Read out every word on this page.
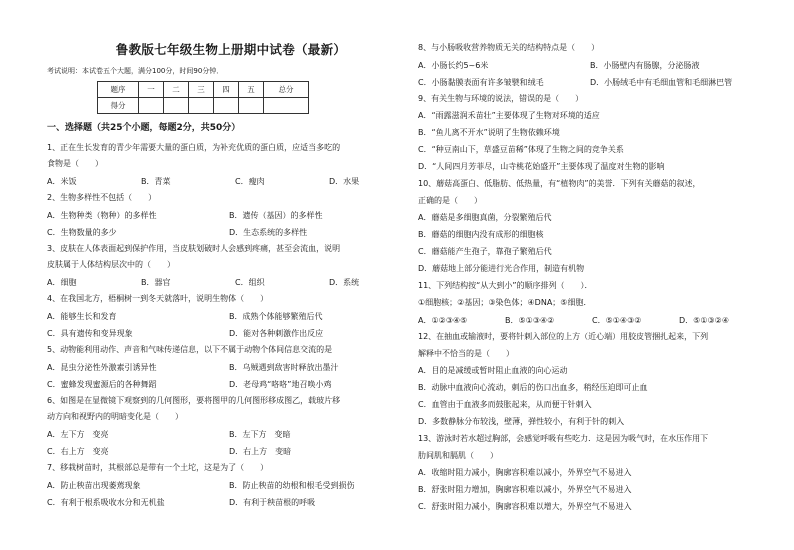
鲁教版七年级生物上册期中试卷（最新）
考试说明：本试卷五个大题，满分100分，时间90分钟．
题序	一	二	三	四	五	总分
得分						
一、选择题（共25个小题，每题2分，共50分）
1、正在生长发育的青少年需要大量的蛋白质，为补充优质的蛋白质，应适当多吃的
食物是（　　）
A．米饭	B．青菜	C．瘦肉	D．水果
2、生物多样性不包括（　　）
A．生物种类（物种）的多样性	B．遗传（基因）的多样性
C．生物数量的多少	D．生态系统的多样性
3、皮肤在人体表面起到保护作用，当皮肤划破时人会感到疼痛，甚至会流血，说明
皮肤属于人体结构层次中的（　　）
A．细胞	B．器官	C．组织	D．系统
4、在我国北方，梧桐树一到冬天就落叶，说明生物体（　　）
A．能够生长和发育	B．成熟个体能够繁殖后代
C．具有遗传和变异现象	D．能对各种刺激作出反应
5、动物能利用动作、声音和气味传递信息，以下不属于动物个体间信息交流的是
A．昆虫分泌性外激素引诱异性	B．乌贼遇到敌害时释放出墨汁
C．蜜蜂发现蜜源后的各种舞蹈	D．老母鸡“咯咯”地召唤小鸡
6、如图是在显微镜下观察到的几何图形，要将图甲的几何图形移成图乙，载玻片移
动方向和视野内的明暗变化是（　　）
A．左下方　变亮	B．左下方　变暗
C．右上方　变亮	D．右上方　变暗
7、移栽树苗时，其根部总是带有一个土坨，这是为了（　　）
A．防止秧苗出现萎蔫现象	B．防止秧苗的幼根和根毛受到损伤
C．有利于根系吸收水分和无机盐	D．有利于秧苗根的呼吸
8、与小肠吸收营养物质无关的结构特点是（　　）
A．小肠长约5~6米	B．小肠壁内有肠腺，分泌肠液
C．小肠黏膜表面有许多皱襞和绒毛	D．小肠绒毛中有毛细血管和毛细淋巴管
9、有关生物与环境的说法，错误的是（　　）
A．“雨露滋润禾苗壮”主要体现了生物对环境的适应
B．“鱼儿离不开水”说明了生物依赖环境
C．“种豆南山下，草盛豆苗稀”体现了生物之间的竞争关系
D．“人间四月芳菲尽，山寺桃花始盛开”主要体现了温度对生物的影响
10、蘑菇高蛋白、低脂肪、低热量，有“植物肉”的美誉．下列有关蘑菇的叙述，
正确的是（　　）
A．蘑菇是多细胞真菌，分裂繁殖后代
B．蘑菇的细胞内没有成形的细胞核
C．蘑菇能产生孢子，靠孢子繁殖后代
D．蘑菇地上部分能进行光合作用，制造有机物
11、下列结构按“从大到小”的顺序排列（　　）．
①细胞核；②基因；③染色体；④DNA；⑤细胞．
A．①②③④⑤	B．⑤①③④②	C．⑤①④③②	D．⑤①③②④
12、在抽血或输液时，要将针刺入部位的上方（近心端）用胶皮管捆扎起来，下列
解释中不恰当的是（　　）
A．目的是减缓或暂时阻止血液的向心运动
B．动脉中血液向心流动，刺后的伤口出血多，稍经压迫即可止血
C．血管由于血液多而鼓胀起来，从而便于针刺入
D．多数静脉分布较浅，壁薄，弹性较小，有利于针的刺入
13、游泳时若水超过胸部，会感觉呼吸有些吃力．这是因为吸气时，在水压作用下
肋间肌和膈肌（　　）
A．收缩时阻力减小，胸廓容积难以减小，外界空气不易进入
B．舒张时阻力增加，胸廓容积难以减小，外界空气不易进入
C．舒张时阻力减小，胸廓容积难以增大，外界空气不易进入
